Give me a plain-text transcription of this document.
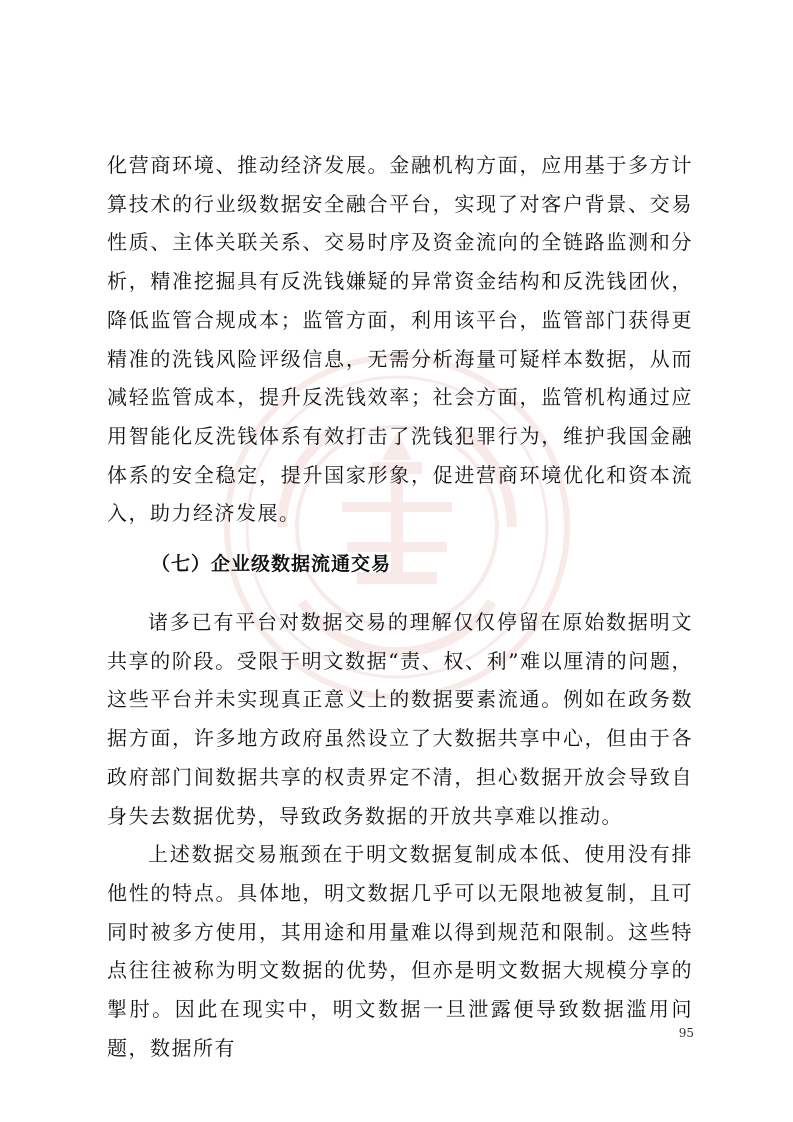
化营商环境、推动经济发展。金融机构方面，应用基于多方计算技术的行业级数据安全融合平台，实现了对客户背景、交易性质、主体关联关系、交易时序及资金流向的全链路监测和分析，精准挖掘具有反洗钱嫌疑的异常资金结构和反洗钱团伙，降低监管合规成本；监管方面，利用该平台，监管部门获得更精准的洗钱风险评级信息，无需分析海量可疑样本数据，从而减轻监管成本，提升反洗钱效率；社会方面，监管机构通过应用智能化反洗钱体系有效打击了洗钱犯罪行为，维护我国金融体系的安全稳定，提升国家形象，促进营商环境优化和资本流入，助力经济发展。

（七）企业级数据流通交易

诸多已有平台对数据交易的理解仅仅停留在原始数据明文共享的阶段。受限于明文数据“责、权、利”难以厘清的问题，这些平台并未实现真正意义上的数据要素流通。例如在政务数据方面，许多地方政府虽然设立了大数据共享中心，但由于各政府部门间数据共享的权责界定不清，担心数据开放会导致自身失去数据优势，导致政务数据的开放共享难以推动。

上述数据交易瓶颈在于明文数据复制成本低、使用没有排他性的特点。具体地，明文数据几乎可以无限地被复制，且可同时被多方使用，其用途和用量难以得到规范和限制。这些特点往往被称为明文数据的优势，但亦是明文数据大规模分享的掣肘。因此在现实中，明文数据一旦泄露便导致数据滥用问题，数据所有

95
